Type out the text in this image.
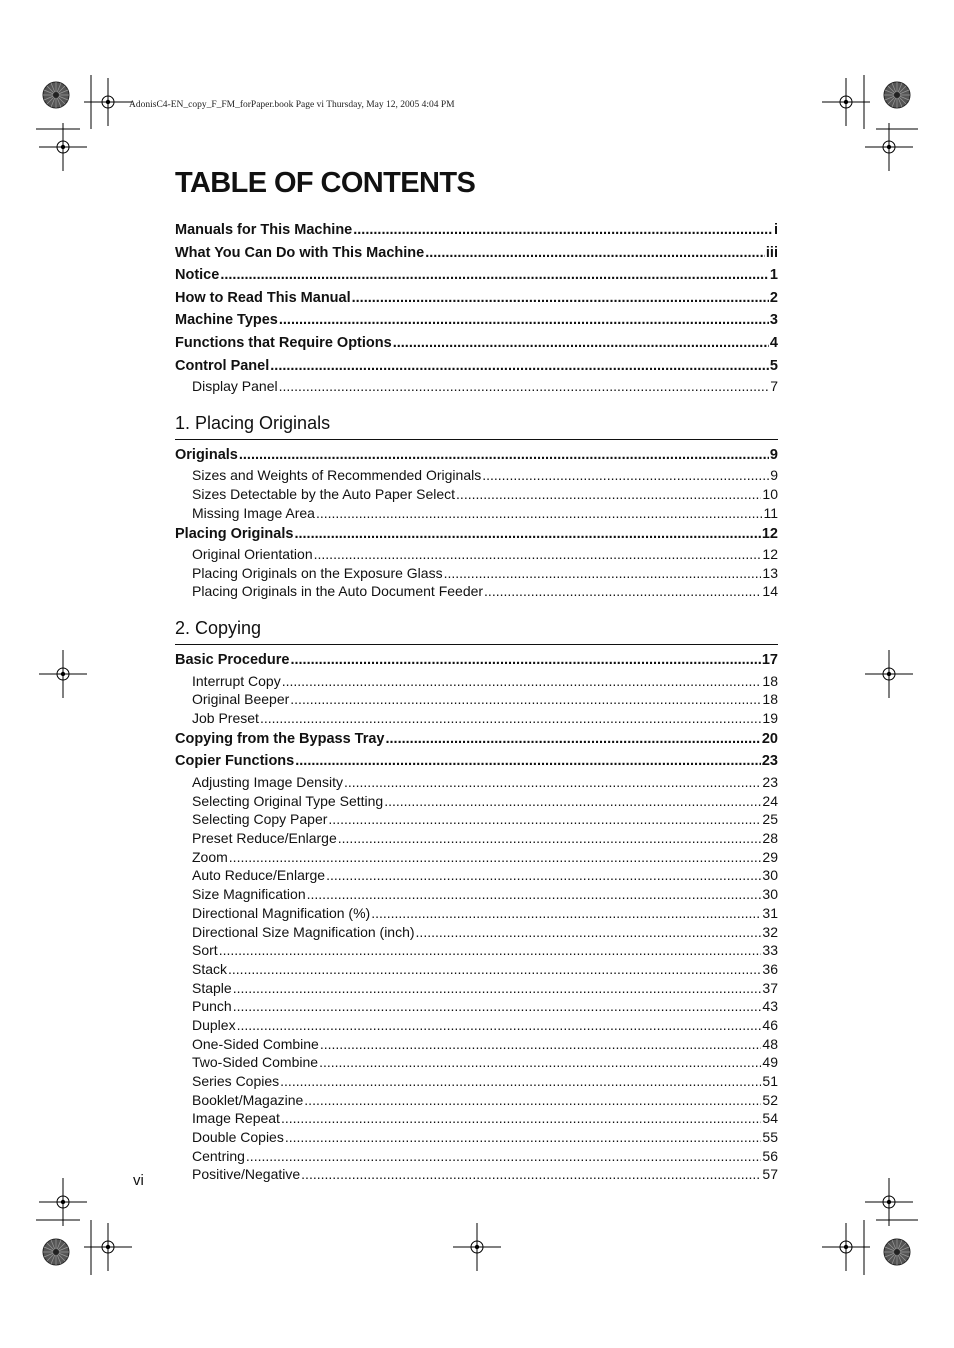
AdonisC4-EN_copy_F_FM_forPaper.book Page vi Thursday, May 12, 2005 4:04 PM
TABLE OF CONTENTS
Manuals for This Machine .....	i
What You Can Do with This Machine .....	iii
Notice .....	1
How to Read This Manual .....	2
Machine Types .....	3
Functions that Require Options .....	4
Control Panel .....	5
Display Panel .....	7
1. Placing Originals
Originals .....	9
Sizes and Weights of Recommended Originals .....	9
Sizes Detectable by the Auto Paper Select .....	10
Missing Image Area .....	11
Placing Originals .....	12
Original Orientation .....	12
Placing Originals on the Exposure Glass .....	13
Placing Originals in the Auto Document Feeder .....	14
2. Copying
Basic Procedure .....	17
Interrupt Copy .....	18
Original Beeper .....	18
Job Preset .....	19
Copying from the Bypass Tray .....	20
Copier Functions .....	23
Adjusting Image Density .....	23
Selecting Original Type Setting .....	24
Selecting Copy Paper .....	25
Preset Reduce/Enlarge .....	28
Zoom .....	29
Auto Reduce/Enlarge .....	30
Size Magnification .....	30
Directional Magnification (%) .....	31
Directional Size Magnification (inch) .....	32
Sort .....	33
Stack .....	36
Staple .....	37
Punch .....	43
Duplex .....	46
One-Sided Combine .....	48
Two-Sided Combine .....	49
Series Copies .....	51
Booklet/Magazine .....	52
Image Repeat .....	54
Double Copies .....	55
Centring .....	56
Positive/Negative .....	57
vi
